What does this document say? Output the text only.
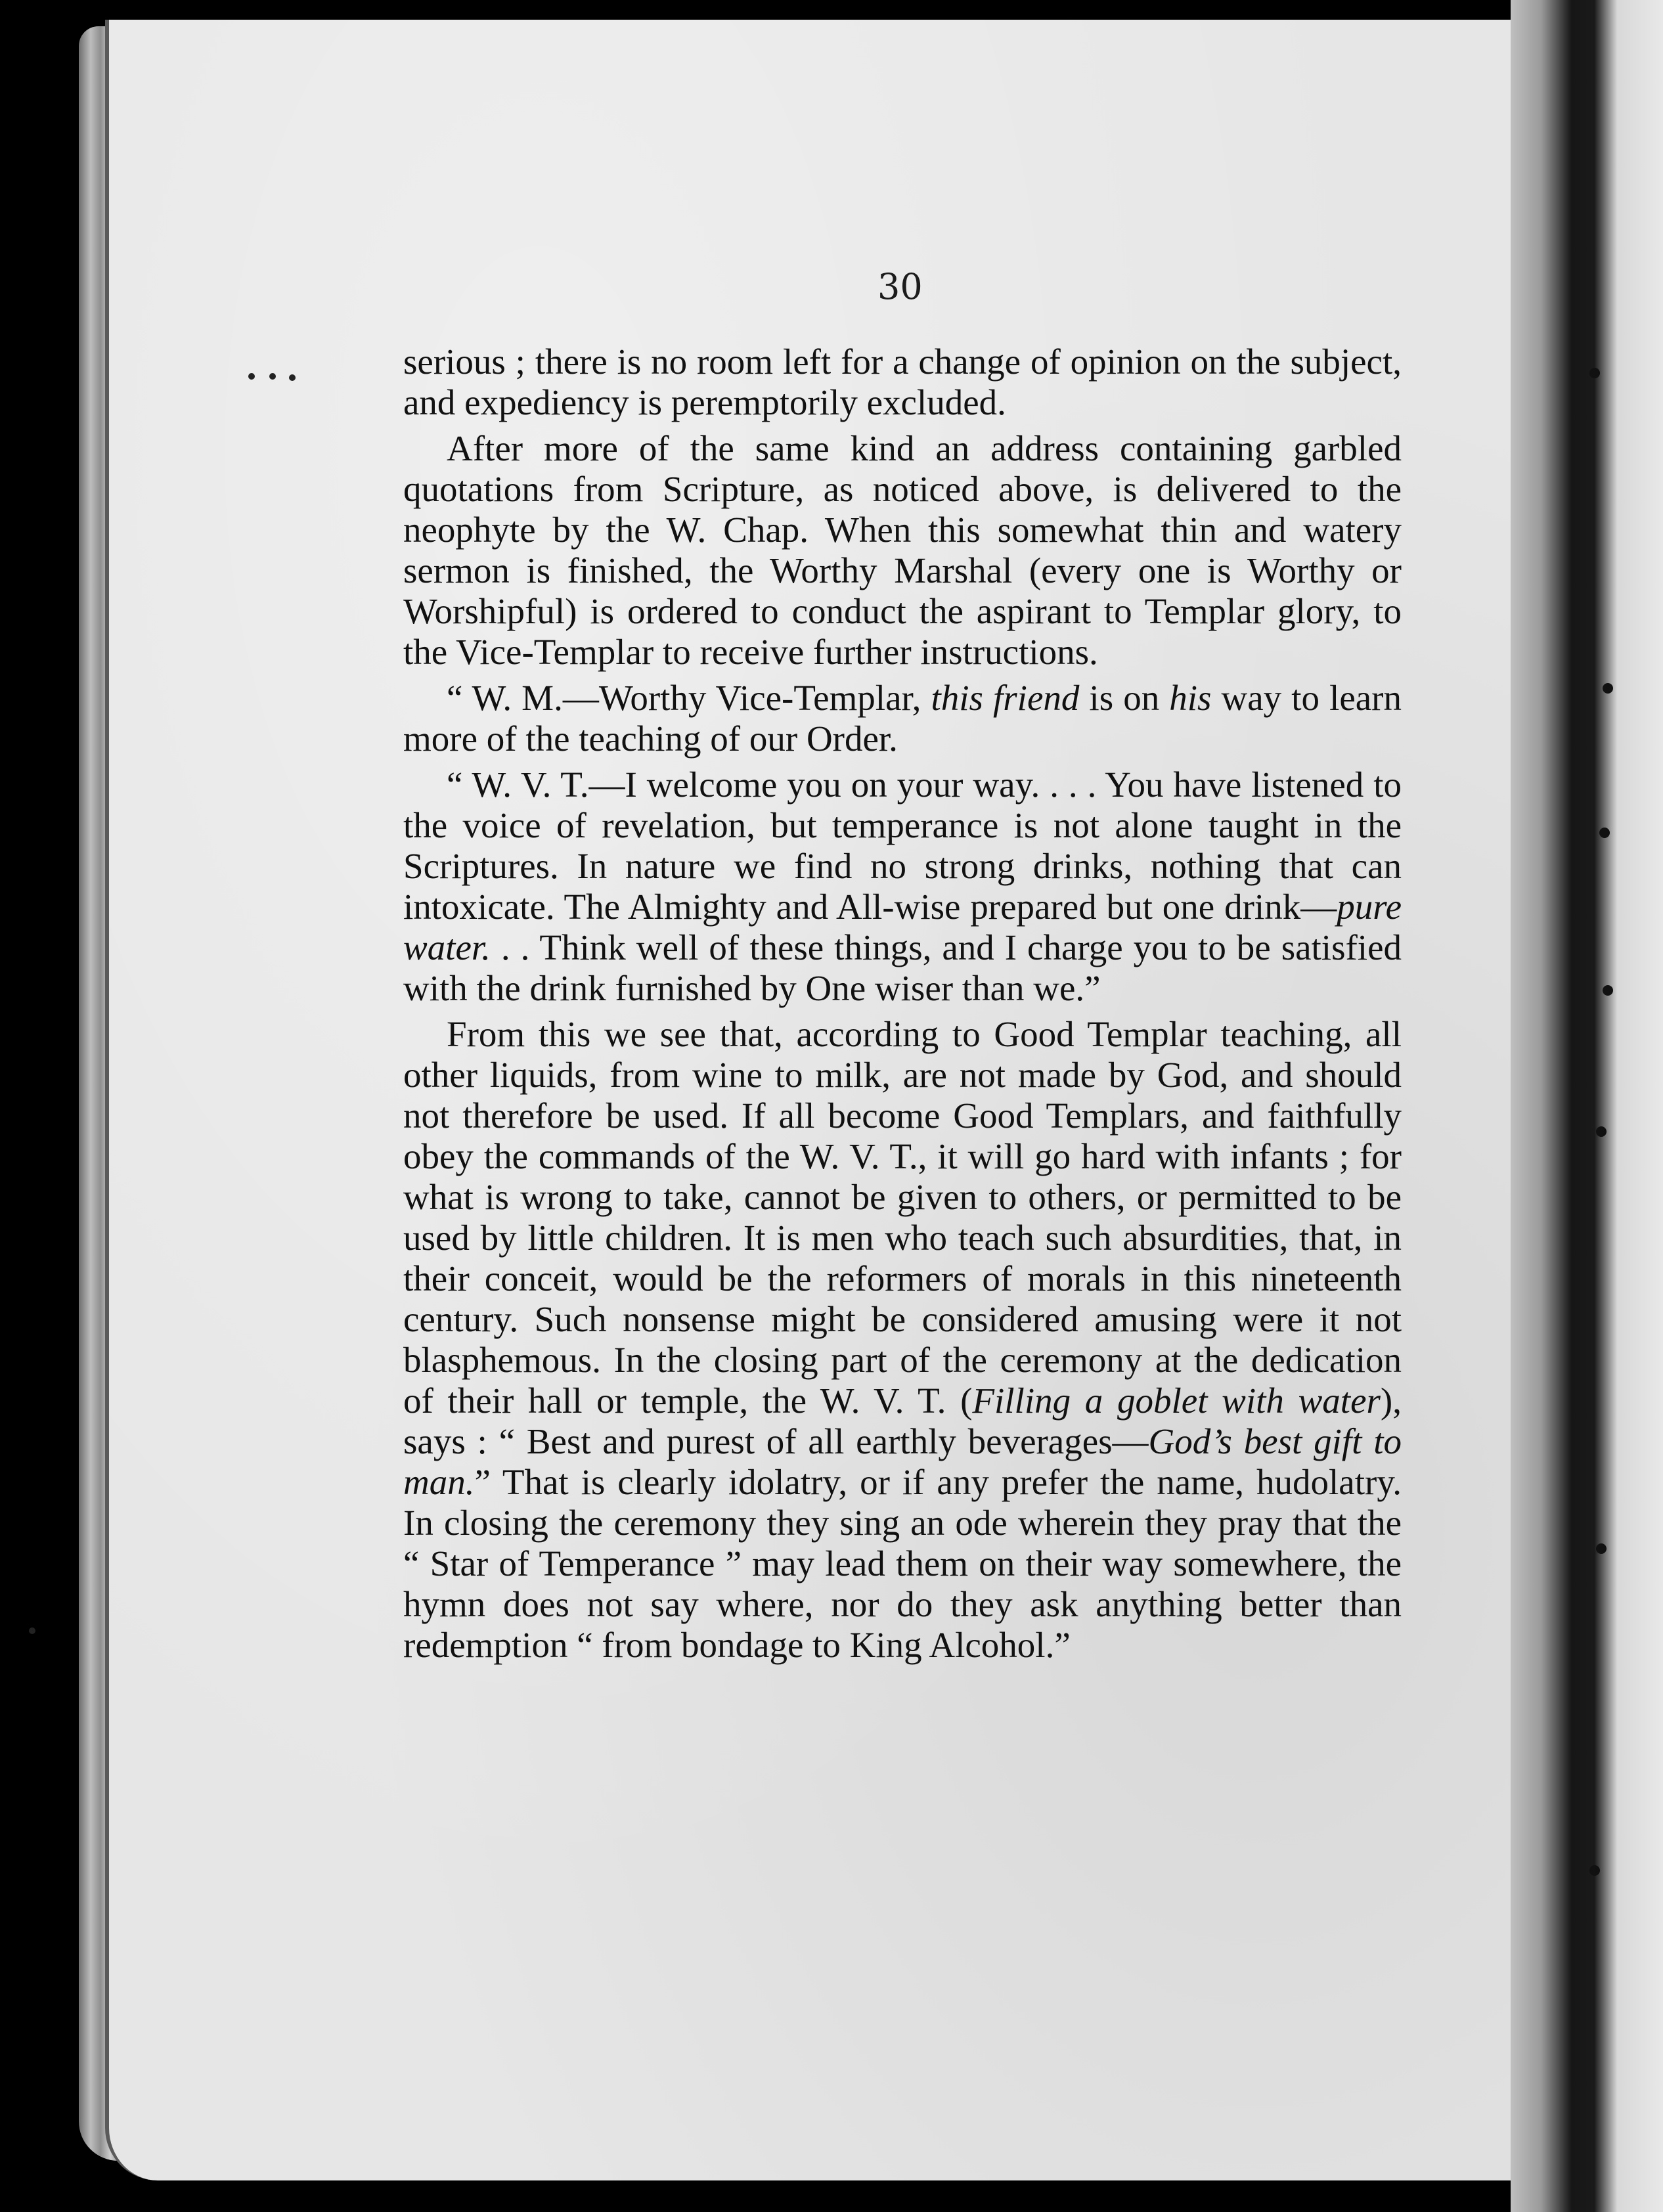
30

serious ; there is no room left for a change of opinion on the subject, and expediency is peremptorily excluded.

After more of the same kind an address containing garbled quotations from Scripture, as noticed above, is delivered to the neophyte by the W. Chap. When this somewhat thin and watery sermon is finished, the Worthy Marshal (every one is Worthy or Worshipful) is ordered to conduct the aspirant to Templar glory, to the Vice-Templar to receive further instructions.

“ W. M.—Worthy Vice-Templar, this friend is on his way to learn more of the teaching of our Order.

“ W. V. T.—I welcome you on your way. . . . You have listened to the voice of revelation, but temperance is not alone taught in the Scriptures. In nature we find no strong drinks, nothing that can intoxicate. The Almighty and All-wise prepared but one drink—pure water. . . Think well of these things, and I charge you to be satisfied with the drink furnished by One wiser than we.”

From this we see that, according to Good Templar teaching, all other liquids, from wine to milk, are not made by God, and should not therefore be used. If all become Good Templars, and faithfully obey the commands of the W. V. T., it will go hard with infants ; for what is wrong to take, cannot be given to others, or permitted to be used by little children. It is men who teach such absurdities, that, in their conceit, would be the reformers of morals in this nineteenth century. Such nonsense might be considered amusing were it not blasphemous. In the closing part of the ceremony at the dedication of their hall or temple, the W. V. T. (Filling a goblet with water), says : “ Best and purest of all earthly beverages—God’s best gift to man.” That is clearly idolatry, or if any prefer the name, hudolatry. In closing the ceremony they sing an ode wherein they pray that the “ Star of Temperance ” may lead them on their way somewhere, the hymn does not say where, nor do they ask anything better than redemption “ from bondage to King Alcohol.”
